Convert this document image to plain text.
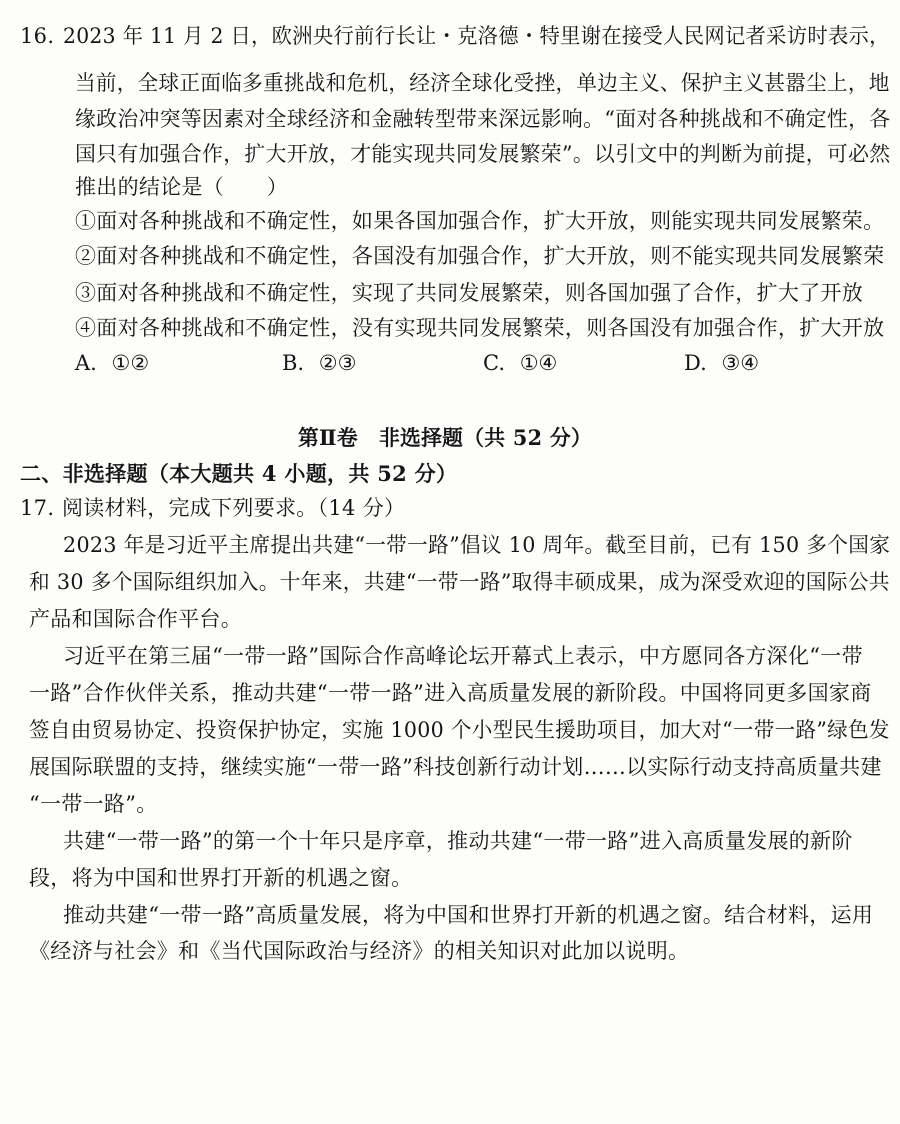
16. 2023 年 11 月 2 日，欧洲央行前行长让・克洛德・特里谢在接受人民网记者采访时表示，
当前，全球正面临多重挑战和危机，经济全球化受挫，单边主义、保护主义甚嚣尘上，地
缘政治冲突等因素对全球经济和金融转型带来深远影响。“面对各种挑战和不确定性，各
国只有加强合作，扩大开放，才能实现共同发展繁荣”。以引文中的判断为前提，可必然
推出的结论是（　　）
①面对各种挑战和不确定性，如果各国加强合作，扩大开放，则能实现共同发展繁荣。
②面对各种挑战和不确定性，各国没有加强合作，扩大开放，则不能实现共同发展繁荣
③面对各种挑战和不确定性，实现了共同发展繁荣，则各国加强了合作，扩大了开放
④面对各种挑战和不确定性，没有实现共同发展繁荣，则各国没有加强合作，扩大开放
A. ①②	B. ②③	C. ①④	D. ③④
第Ⅱ卷　非选择题（共 52 分）
二、非选择题（本大题共 4 小题，共 52 分）
17. 阅读材料，完成下列要求。（14 分）
2023 年是习近平主席提出共建“一带一路”倡议 10 周年。截至目前，已有 150 多个国家
和 30 多个国际组织加入。十年来，共建“一带一路”取得丰硕成果，成为深受欢迎的国际公共
产品和国际合作平台。
习近平在第三届“一带一路”国际合作高峰论坛开幕式上表示，中方愿同各方深化“一带
一路”合作伙伴关系，推动共建“一带一路”进入高质量发展的新阶段。中国将同更多国家商
签自由贸易协定、投资保护协定，实施 1000 个小型民生援助项目，加大对“一带一路”绿色发
展国际联盟的支持，继续实施“一带一路”科技创新行动计划……以实际行动支持高质量共建
“一带一路”。
共建“一带一路”的第一个十年只是序章，推动共建“一带一路”进入高质量发展的新阶
段，将为中国和世界打开新的机遇之窗。
推动共建“一带一路”高质量发展，将为中国和世界打开新的机遇之窗。结合材料，运用
《经济与社会》和《当代国际政治与经济》的相关知识对此加以说明。
